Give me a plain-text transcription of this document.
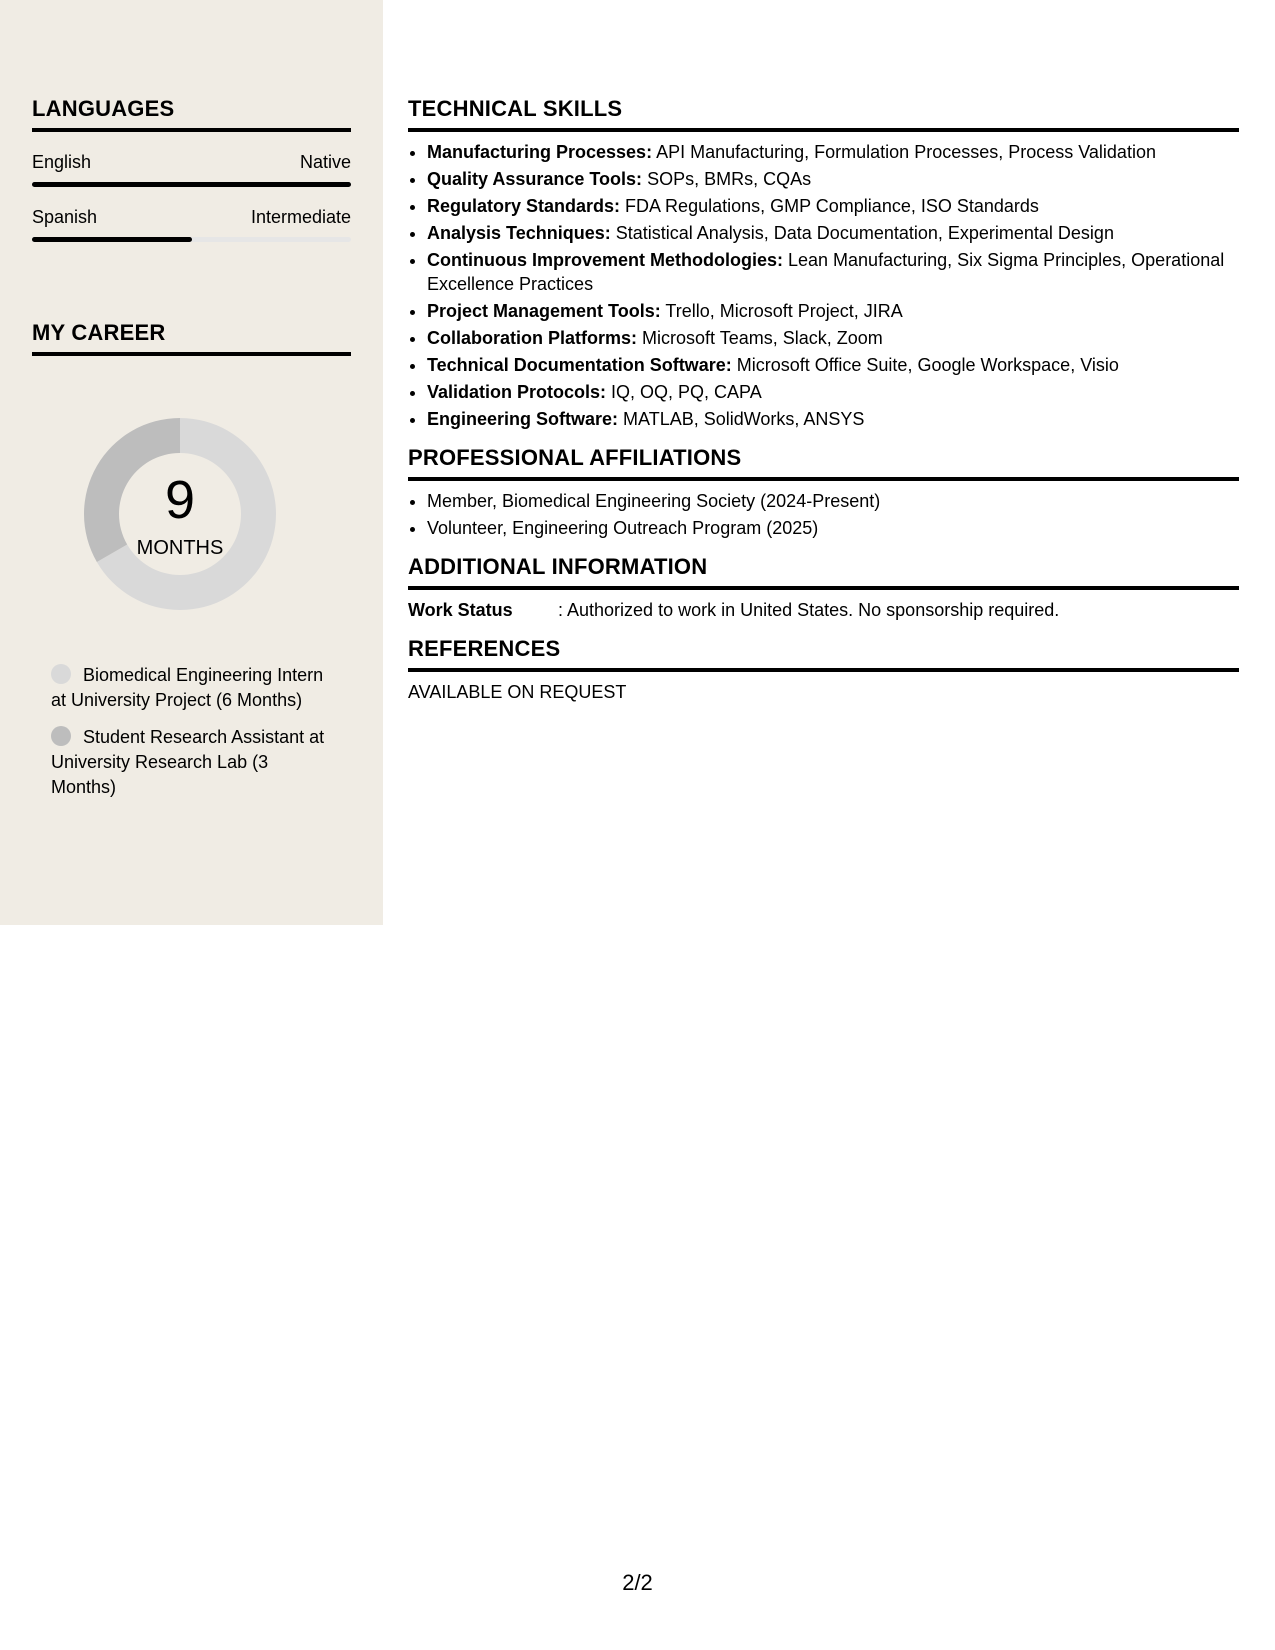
LANGUAGES
English	Native
Spanish	Intermediate
MY CAREER
9
MONTHS
Biomedical Engineering Intern at University Project (6 Months)
Student Research Assistant at University Research Lab (3 Months)
TECHNICAL SKILLS
• Manufacturing Processes: API Manufacturing, Formulation Processes, Process Validation
• Quality Assurance Tools: SOPs, BMRs, CQAs
• Regulatory Standards: FDA Regulations, GMP Compliance, ISO Standards
• Analysis Techniques: Statistical Analysis, Data Documentation, Experimental Design
• Continuous Improvement Methodologies: Lean Manufacturing, Six Sigma Principles, Operational Excellence Practices
• Project Management Tools: Trello, Microsoft Project, JIRA
• Collaboration Platforms: Microsoft Teams, Slack, Zoom
• Technical Documentation Software: Microsoft Office Suite, Google Workspace, Visio
• Validation Protocols: IQ, OQ, PQ, CAPA
• Engineering Software: MATLAB, SolidWorks, ANSYS
PROFESSIONAL AFFILIATIONS
• Member, Biomedical Engineering Society (2024-Present)
• Volunteer, Engineering Outreach Program (2025)
ADDITIONAL INFORMATION
Work Status	: Authorized to work in United States. No sponsorship required.
REFERENCES
AVAILABLE ON REQUEST
2/2
